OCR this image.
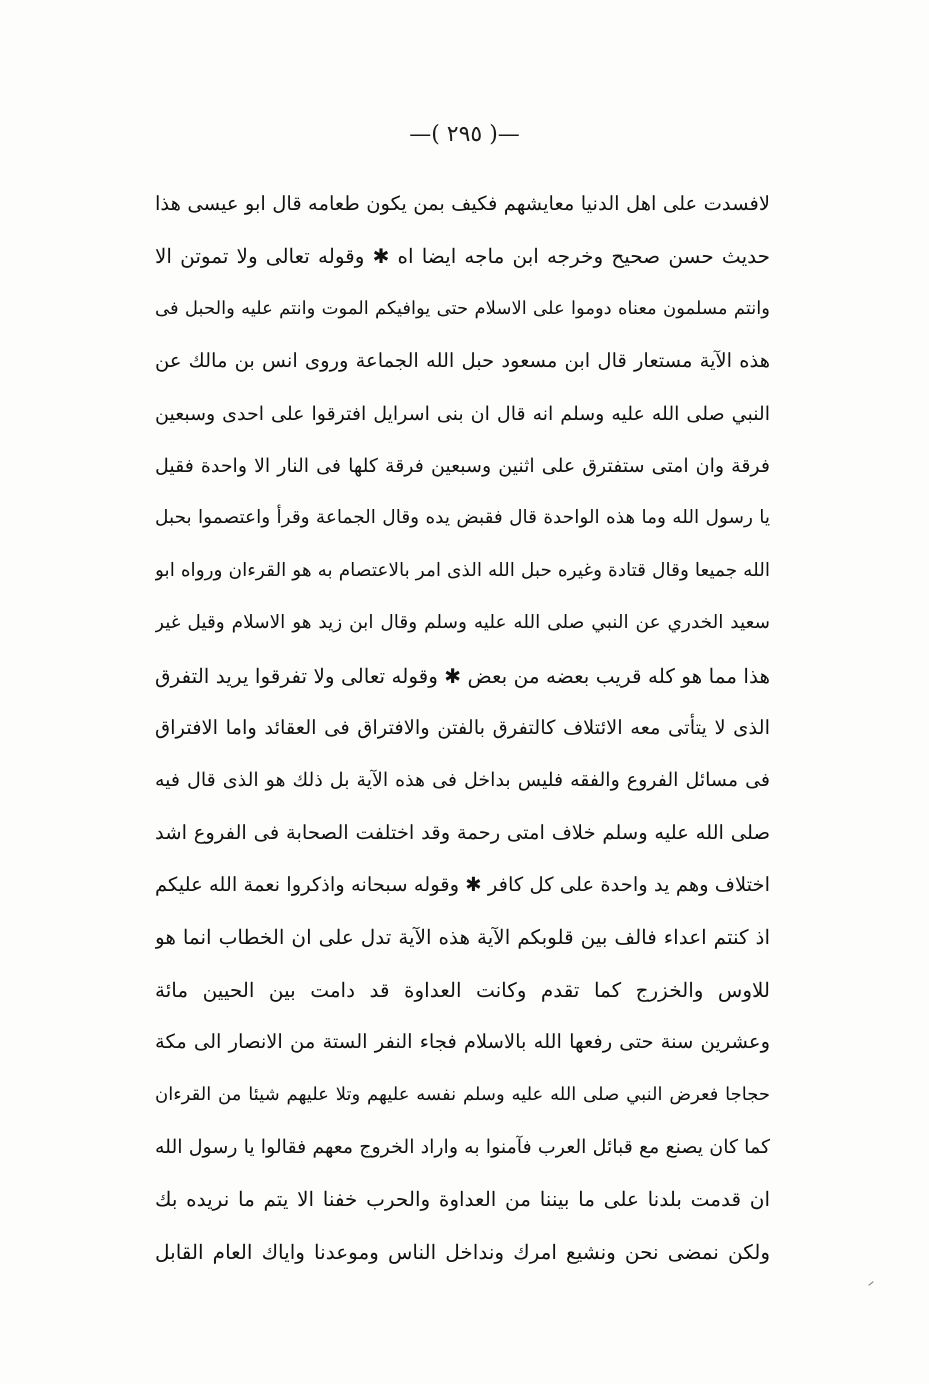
—( ٢٩٥ )—
لافسدت على اهل الدنيا معايشهم فكيف بمن يكون طعامه قال ابو عيسى هذا
حديث حسن صحيح وخرجه ابن ماجه ايضا اه ✱ وقوله تعالى ولا تموتن الا
وانتم مسلمون معناه دوموا على الاسلام حتى يوافيكم الموت وانتم عليه والحبل فى
هذه الآية مستعار قال ابن مسعود حبل الله الجماعة وروى انس بن مالك عن
النبي صلى الله عليه وسلم انه قال ان بنى اسرايل افترقوا على احدى وسبعين
فرقة وان امتى ستفترق على اثنين وسبعين فرقة كلها فى النار الا واحدة فقيل
يا رسول الله وما هذه الواحدة قال فقبض يده وقال الجماعة وقرأ واعتصموا بحبل
الله جميعا وقال قتادة وغيره حبل الله الذى امر بالاعتصام به هو القرءان ورواه ابو
سعيد الخدري عن النبي صلى الله عليه وسلم وقال ابن زيد هو الاسلام وقيل غير
هذا مما هو كله قريب بعضه من بعض ✱ وقوله تعالى ولا تفرقوا يريد التفرق
الذى لا يتأتى معه الائتلاف كالتفرق بالفتن والافتراق فى العقائد واما الافتراق
فى مسائل الفروع والفقه فليس بداخل فى هذه الآية بل ذلك هو الذى قال فيه
صلى الله عليه وسلم خلاف امتى رحمة وقد اختلفت الصحابة فى الفروع اشد
اختلاف وهم يد واحدة على كل كافر ✱ وقوله سبحانه واذكروا نعمة الله عليكم
اذ كنتم اعداء فالف بين قلوبكم الآية هذه الآية تدل على ان الخطاب انما هو
للاوس والخزرج كما تقدم وكانت العداوة قد دامت بين الحيين مائة
وعشرين سنة حتى رفعها الله بالاسلام فجاء النفر الستة من الانصار الى مكة
حجاجا فعرض النبي صلى الله عليه وسلم نفسه عليهم وتلا عليهم شيئا من القرءان
كما كان يصنع مع قبائل العرب فآمنوا به واراد الخروج معهم فقالوا يا رسول الله
ان قدمت بلدنا على ما بيننا من العداوة والحرب خفنا الا يتم ما نريده بك
ولكن نمضى نحن ونشيع امرك ونداخل الناس وموعدنا واياك العام القابل
